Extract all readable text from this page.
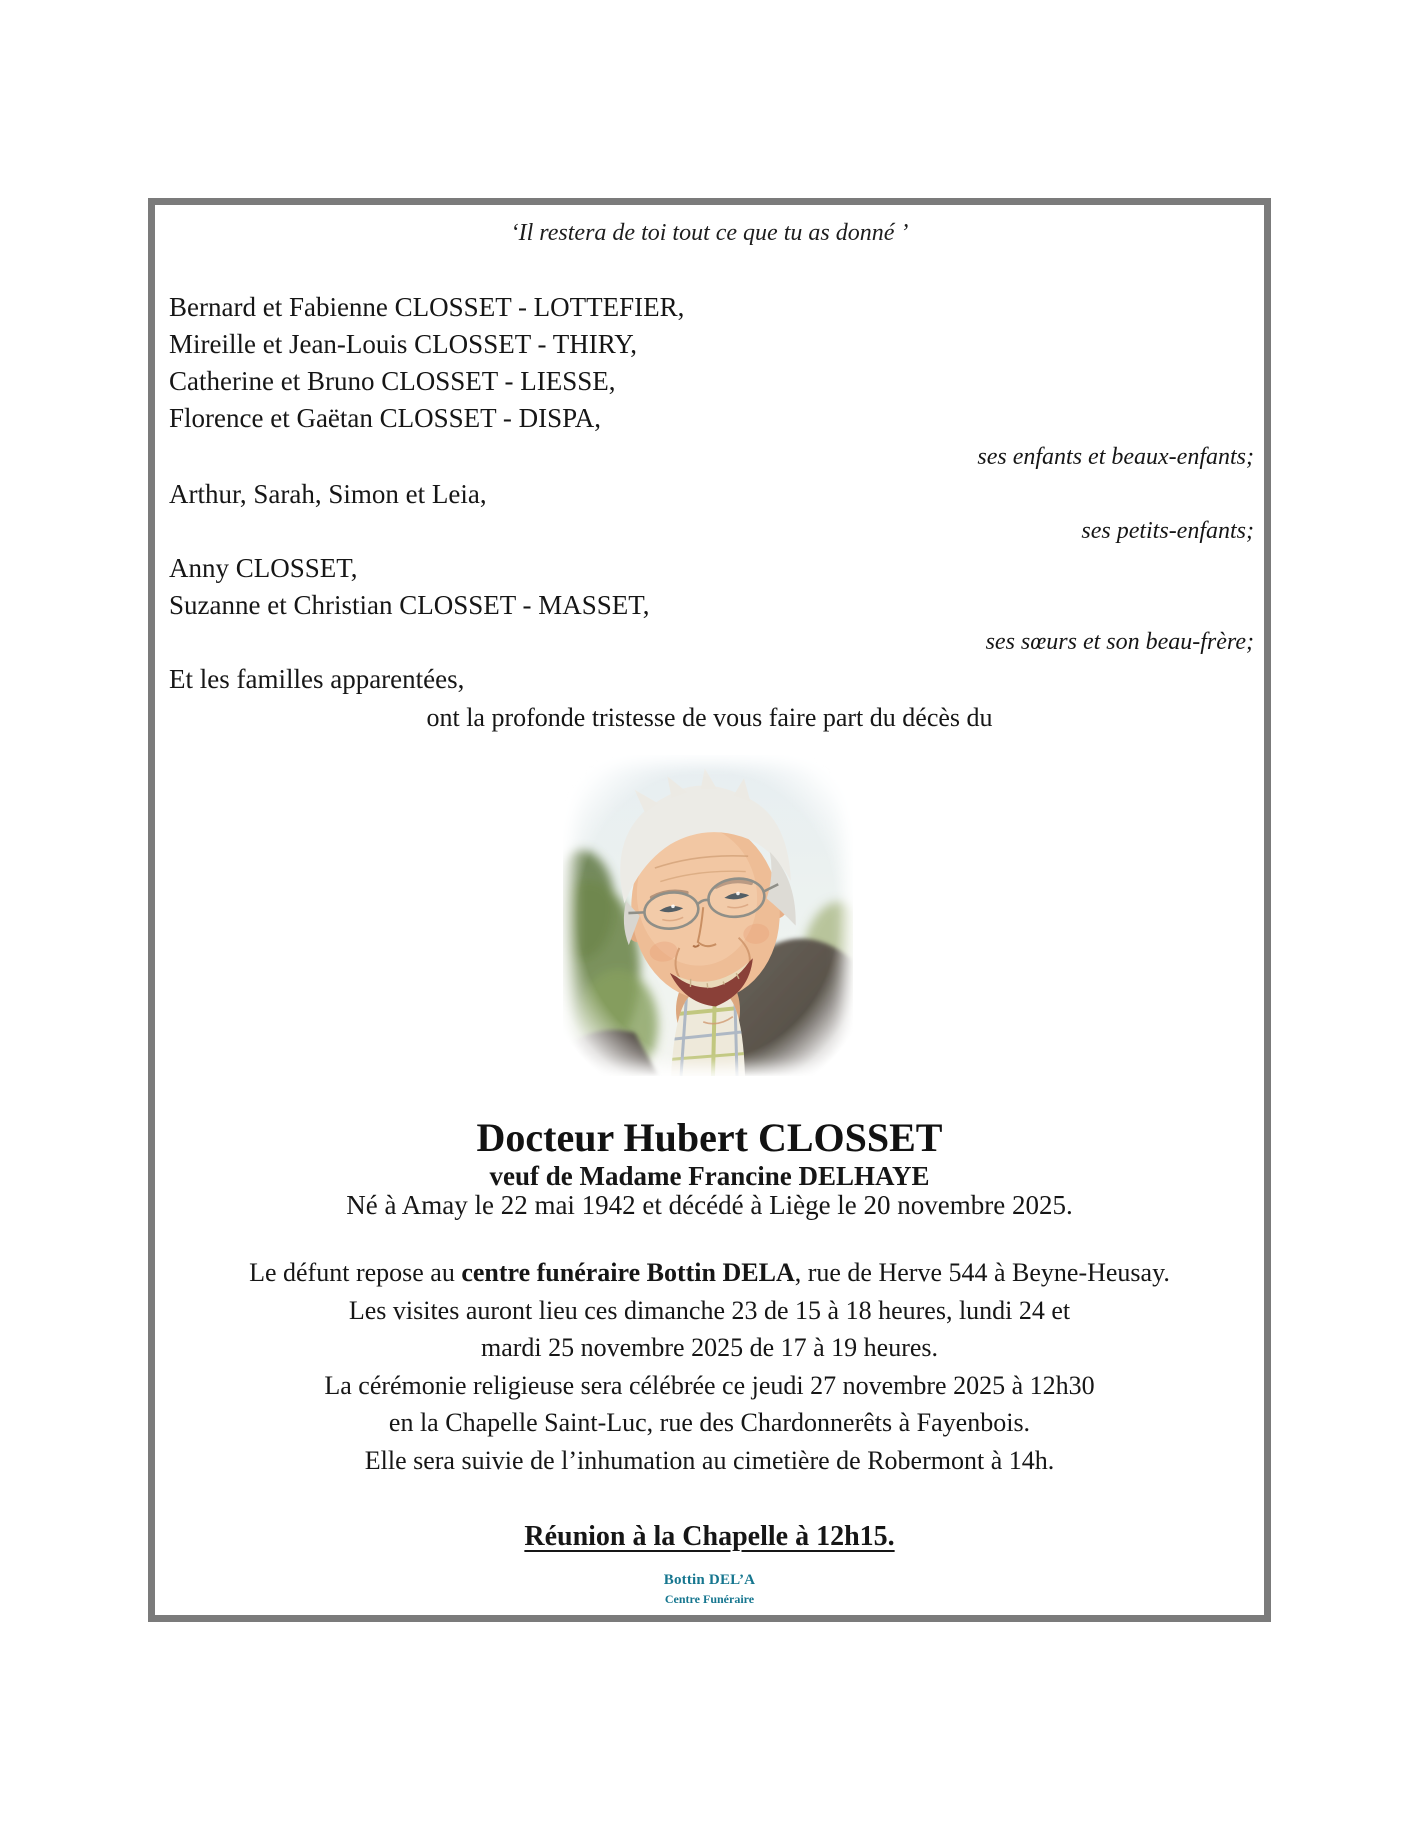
‘Il restera de toi tout ce que tu as donné ’
Bernard et Fabienne CLOSSET - LOTTEFIER,
Mireille et Jean-Louis CLOSSET - THIRY,
Catherine et Bruno CLOSSET - LIESSE,
Florence et Gaëtan CLOSSET - DISPA,
ses enfants et beaux-enfants;
Arthur, Sarah, Simon et Leia,
ses petits-enfants;
Anny CLOSSET,
Suzanne et Christian CLOSSET - MASSET,
ses sœurs et son beau-frère;
Et les familles apparentées,
ont la profonde tristesse de vous faire part du décès du
Docteur Hubert CLOSSET
veuf de Madame Francine DELHAYE
Né à Amay le 22 mai 1942 et décédé à Liège le 20 novembre 2025.
Le défunt repose au centre funéraire Bottin DELA, rue de Herve 544 à Beyne-Heusay.
Les visites auront lieu ces dimanche 23 de 15 à 18 heures, lundi 24 et
mardi 25 novembre 2025 de 17 à 19 heures.
La cérémonie religieuse sera célébrée ce jeudi 27 novembre 2025 à 12h30
en la Chapelle Saint-Luc, rue des Chardonnerêts à Fayenbois.
Elle sera suivie de l’inhumation au cimetière de Robermont à 14h.
Réunion à la Chapelle à 12h15.
Bottin DEL’A
Centre Funéraire
